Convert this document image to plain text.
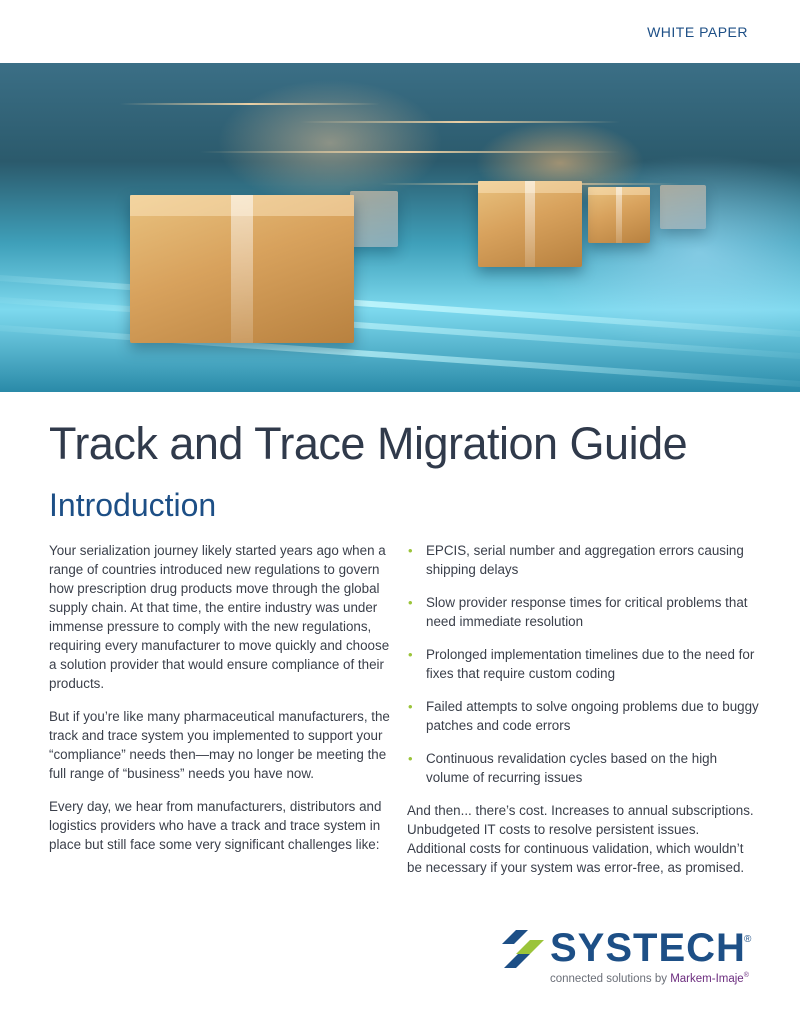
WHITE PAPER
Track and Trace Migration Guide
Introduction

Your serialization journey likely started years ago when a range of countries introduced new regulations to govern how prescription drug products move through the global supply chain. At that time, the entire industry was under immense pressure to comply with the new regulations, requiring every manufacturer to move quickly and choose a solution provider that would ensure compliance of their products.

But if you’re like many pharmaceutical manufacturers, the track and trace system you implemented to support your “compliance” needs then—may no longer be meeting the full range of “business” needs you have now.

Every day, we hear from manufacturers, distributors and logistics providers who have a track and trace system in place but still face some very significant challenges like:

• EPCIS, serial number and aggregation errors causing shipping delays
• Slow provider response times for critical problems that need immediate resolution
• Prolonged implementation timelines due to the need for fixes that require custom coding
• Failed attempts to solve ongoing problems due to buggy patches and code errors
• Continuous revalidation cycles based on the high volume of recurring issues

And then... there’s cost. Increases to annual subscriptions. Unbudgeted IT costs to resolve persistent issues. Additional costs for continuous validation, which wouldn’t be necessary if your system was error-free, as promised.

SYSTECH
®
connected solutions by Markem-Imaje®
